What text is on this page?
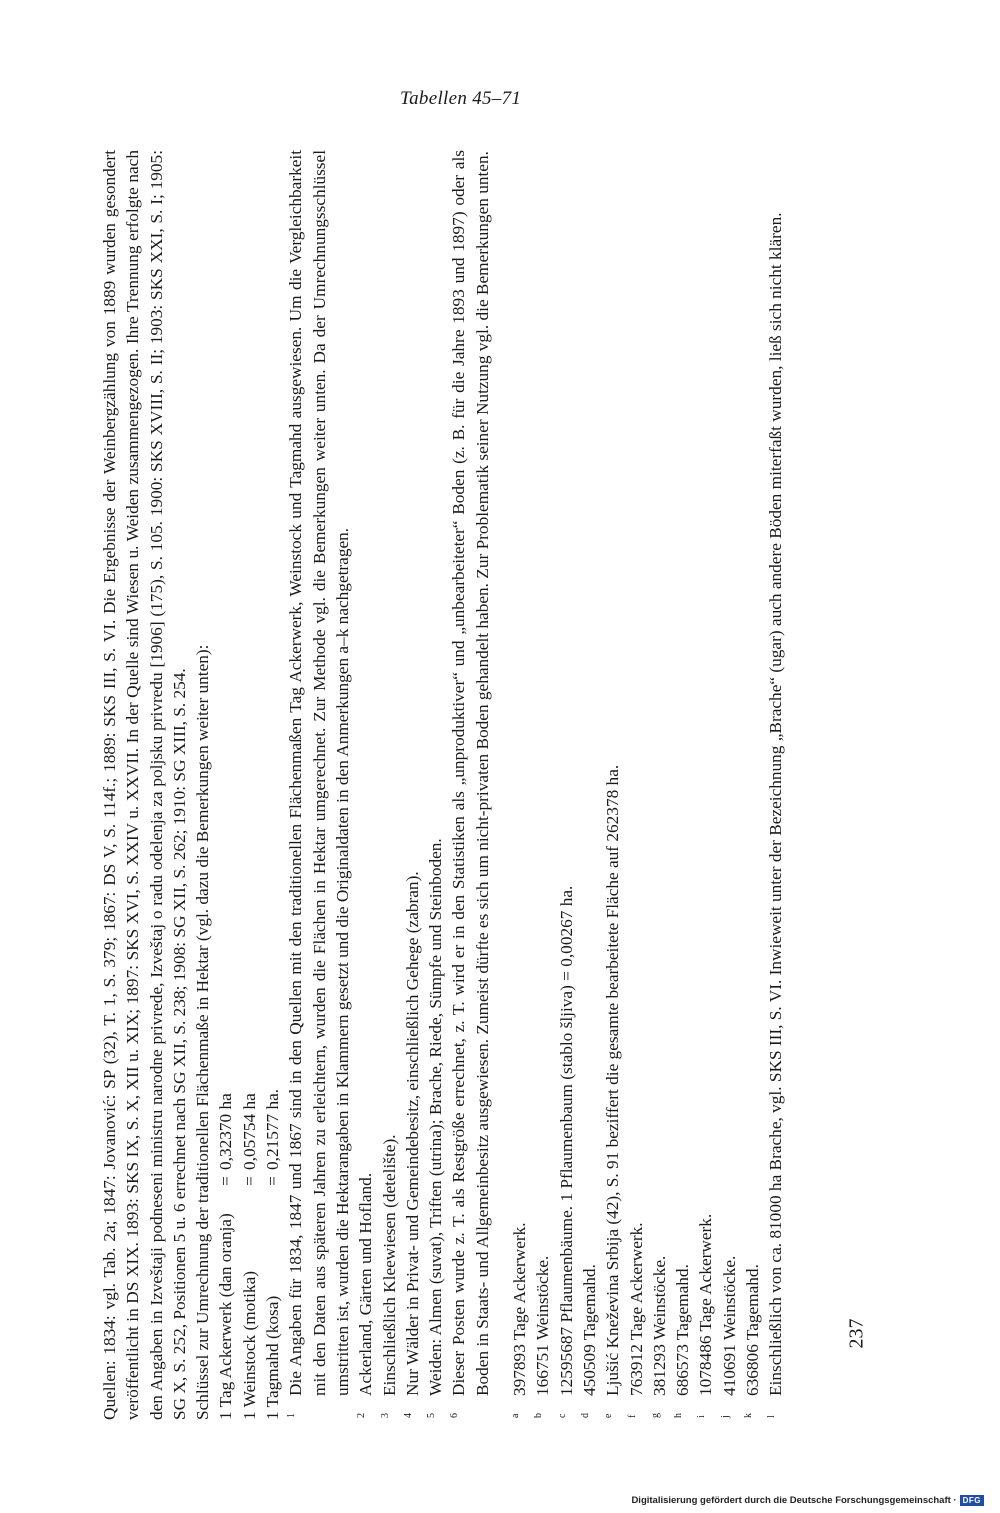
Tabellen 45–71

Quellen: 1834: vgl. Tab. 2a; 1847: Jovanović: SP (32), T. 1, S. 379; 1867: DS V, S. 114f.; 1889: SKS III, S. VI. Die Ergebnisse der Weinbergzählung von 1889 wurden gesondert veröffentlicht in DS XIX. 1893: SKS IX, S. X, XII u. XIX; 1897: SKS XVI, S. XXIV u. XXVII. In der Quelle sind Wiesen u. Weiden zusammengezogen. Ihre Trennung erfolgte nach den Angaben in Izveštaji podneseni ministru narodne privrede, Izveštaj o radu odelenja za poljsku privredu [1906] (175), S. 105. 1900: SKS XVIII, S. II; 1903: SKS XXI, S. I; 1905: SG X, S. 252, Positionen 5 u. 6 errechnet nach SG XII, S. 238; 1908: SG XII, S. 262; 1910: SG XIII, S. 254. Schlüssel zur Umrechnung der traditionellen Flächenmaße in Hektar (vgl. dazu die Bemerkungen weiter unten): 1 Tag Ackerwerk (dan oranja)	=	0,32370 ha
1 Weinstock (motika)	=	0,05754 ha
1 Tagmahd (kosa)	=	0,21577 ha.
1
Die Angaben für 1834, 1847 und 1867 sind in den Quellen mit den traditionellen Flächenmaßen Tag Ackerwerk, Weinstock und Tagmahd ausgewiesen. Um die Vergleichbarkeit mit den Daten aus späteren Jahren zu erleichtern, wurden die Flächen in Hektar umgerechnet. Zur Methode vgl. die Bemerkungen weiter unten. Da der Umrechnungsschlüssel umstritten ist, wurden die Hektarangaben in Klammern gesetzt und die Originaldaten in den Anmerkungen a–k nachgetragen.
2
Ackerland, Gärten und Hofland.
3
Einschließlich Kleewiesen (detelište).
4
Nur Wälder in Privat- und Gemeindebesitz, einschließlich Gehege (zabran).
5
Weiden: Almen (suvat), Triften (utrina); Brache, Riede, Sümpfe und Steinboden.
6
Dieser Posten wurde z. T. als Restgröße errechnet, z. T. wird er in den Statistiken als „unproduktiver“ und „unbearbeiteter“ Boden (z. B. für die Jahre 1893 und 1897) oder als Boden in Staats- und Allgemeinbesitz ausgewiesen. Zumeist dürfte es sich um nicht-privaten Boden gehandelt haben. Zur Problematik seiner Nutzung vgl. die Bemerkungen unten.
a
397893 Tage Ackerwerk.
b
166751 Weinstöcke.
c
12595687 Pflaumenbäume. 1 Pflaumenbaum (stablo šljiva) = 0,00267 ha.
d
450509 Tagemahd.
e
Ljušić Kneževina Srbija (42), S. 91 beziffert die gesamte bearbeitete Fläche auf 262378 ha.
f
763912 Tage Ackerwerk.
g
381293 Weinstöcke.
h
686573 Tagemahd.
i
1078486 Tage Ackerwerk.
j
410691 Weinstöcke.
k
636806 Tagemahd.
l
Einschließlich von ca. 81000 ha Brache, vgl. SKS III, S. VI. Inwieweit unter der Bezeichnung „Brache“ (ugar) auch andere Böden miterfaßt wurden, ließ sich nicht klären.	237
Digitalisierung gefördert durch die Deutsche Forschungsgemeinschaft · DFG
